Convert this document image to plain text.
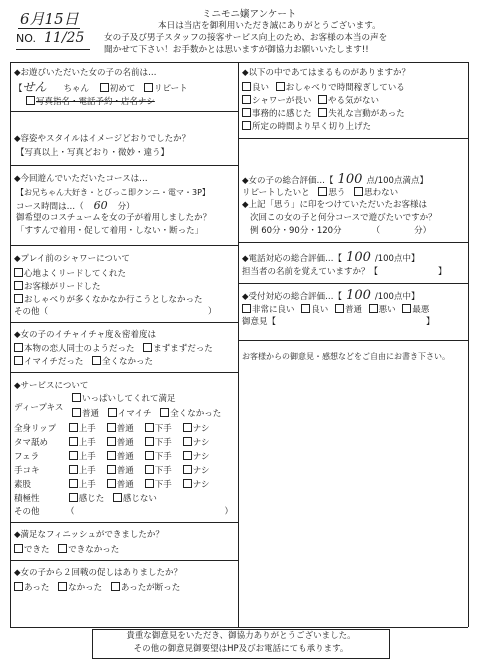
6月15日
NO. 11/25
ミニモニ嬢アンケート
本日は当店を御利用いただき誠にありがとうございます。
女の子及び男子スタッフの接客サービス向上のため、お客様の本当の声を
聞かせて下さい！お手数かとは思いますが御協力お願いいたします!!
◆お遊びいただいた女の子の名前は…
【せん　　 ちゃん 初めて リピート
写真指名・電話予約・店名ナシ
◆容姿やスタイルはイメージどおりでしたか？
【写真以上・写真どおり・微妙・違う】
◆今回遊んでいただいたコースは…
【お兄ちゃん大好き・とびっこ即クンニ・電マ・3P】
コース時間は…（ 60 分）
御希望のコスチュームを女の子が着用しましたか？
「すすんで着用・促して着用・しない・断った」
◆プレイ前のシャワーについて
心地よくリードしてくれた
お客様がリードした
おしゃべりが多くなかなか行こうとしなかった
その他（	）
◆女の子のイチャイチャ度＆密着度は
本物の恋人同士のようだった まずまずだった
イマイチだった 全くなかった
◆サービスについて
いっぱいしてくれて満足
ディープキス
普通 イマイチ 全くなかった
全身リップ	上手 普通 下手 ナシ
タマ舐め	上手 普通 下手 ナシ
フェラ	上手 普通 下手 ナシ
手コキ	上手 普通 下手 ナシ
素股	上手 普通 下手 ナシ
積極性	感じた 感じない
その他	（	）
◆満足なフィニッシュができましたか？
できた できなかった
◆女の子から２回戦の促しはありましたか？
あった なかった あったが断った
◆以下の中であてはまるものがありますか？
良い おしゃべりで時間稼ぎしている
シャワーが長い やる気がない
事務的に感じた 失礼な言動があった
所定の時間より早く切り上げた
◆女の子の総合評価…【 100 点/100点満点】
リピートしたいと 思う 思わない
◆上記「思う」に印をつけていただいたお客様は
次回この女の子と何分コースで遊びたいですか？
例 60分・90分・120分	（　　　　分）
◆電話対応の総合評価…【 100 /100点中】
担当者の名前を覚えていますか？【	】
◆受付対応の総合評価…【 100 /100点中】
非常に良い 良い 普通 悪い 最悪
御意見【	】
お客様からの御意見・感想などをご自由にお書き下さい。
貴重な御意見をいただき、御協力ありがとうございました。
その他の御意見御要望はHP及びお電話にても承ります。
